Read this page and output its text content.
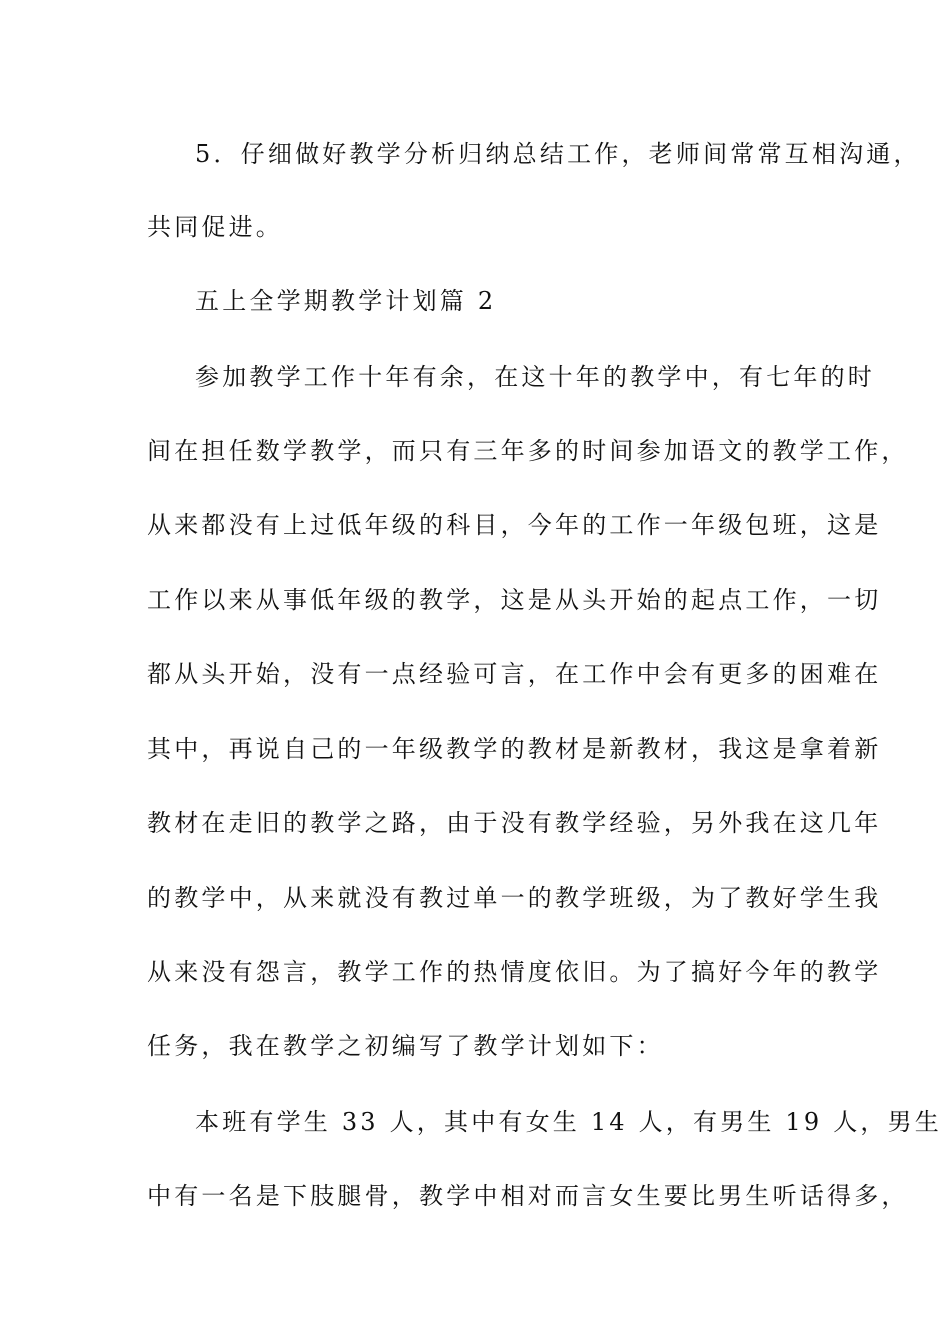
5．仔细做好教学分析归纳总结工作，老师间常常互相沟通，
共同促进。
五上全学期教学计划篇 2
参加教学工作十年有余，在这十年的教学中，有七年的时
间在担任数学教学，而只有三年多的时间参加语文的教学工作，
从来都没有上过低年级的科目，今年的工作一年级包班，这是
工作以来从事低年级的教学，这是从头开始的起点工作，一切
都从头开始，没有一点经验可言，在工作中会有更多的困难在
其中，再说自己的一年级教学的教材是新教材，我这是拿着新
教材在走旧的教学之路，由于没有教学经验，另外我在这几年
的教学中，从来就没有教过单一的教学班级，为了教好学生我
从来没有怨言，教学工作的热情度依旧。为了搞好今年的教学
任务，我在教学之初编写了教学计划如下：
本班有学生 33 人，其中有女生 14 人，有男生 19 人，男生
中有一名是下肢腿骨，教学中相对而言女生要比男生听话得多，
